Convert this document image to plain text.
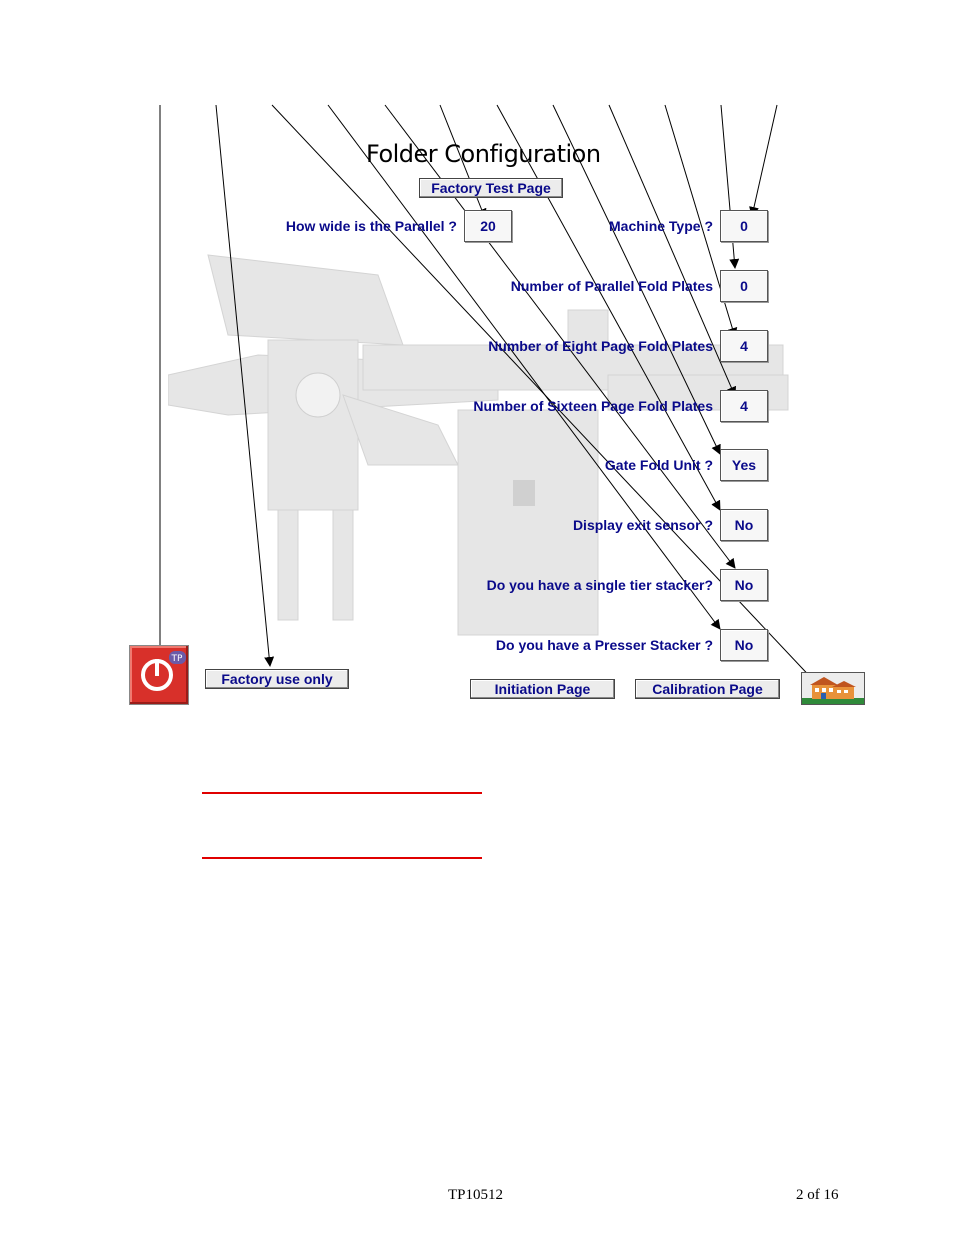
Folder Configuration
Factory Test Page
How wide is the Parallel ?	20	Machine Type ?	0
Number of Parallel Fold Plates	0
Number of Eight Page Fold Plates	4
Number of Sixteen Page Fold Plates	4
Gate Fold Unit ?	Yes
Display exit sensor ?	No
Do you have a single tier stacker?	No
Do you have a Presser Stacker ?	No
TP
Factory use only
Initiation Page	Calibration Page
TP10512	2 of 16
